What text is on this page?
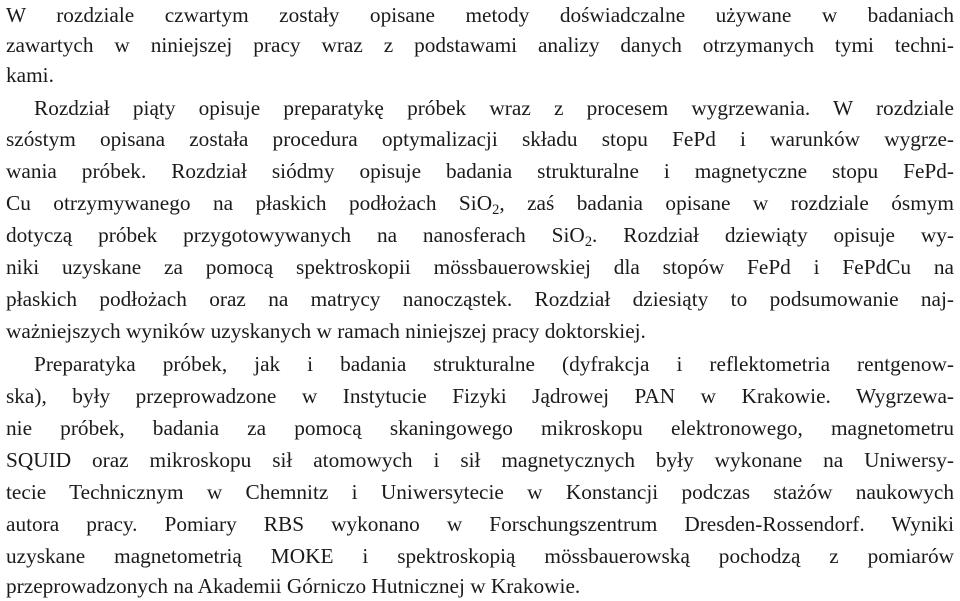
W rozdziale czwartym zostały opisane metody doświadczalne używane w badaniach
zawartych w niniejszej pracy wraz z podstawami analizy danych otrzymanych tymi techni-
kami.
Rozdział piąty opisuje preparatykę próbek wraz z procesem wygrzewania. W rozdziale
szóstym opisana została procedura optymalizacji składu stopu FePd i warunków wygrze-
wania próbek. Rozdział siódmy opisuje badania strukturalne i magnetyczne stopu FePd-
Cu otrzymywanego na płaskich podłożach SiO$_2$, zaś badania opisane w rozdziale ósmym
dotyczą próbek przygotowywanych na nanosferach SiO$_2$. Rozdział dziewiąty opisuje wy-
niki uzyskane za pomocą spektroskopii mössbauerowskiej dla stopów FePd i FePdCu na
płaskich podłożach oraz na matrycy nanocząstek. Rozdział dziesiąty to podsumowanie naj-
ważniejszych wyników uzyskanych w ramach niniejszej pracy doktorskiej.
Preparatyka próbek, jak i badania strukturalne (dyfrakcja i reflektometria rentgenow-
ska), były przeprowadzone w Instytucie Fizyki Jądrowej PAN w Krakowie. Wygrzewa-
nie próbek, badania za pomocą skaningowego mikroskopu elektronowego, magnetometru
SQUID oraz mikroskopu sił atomowych i sił magnetycznych były wykonane na Uniwersy-
tecie Technicznym w Chemnitz i Uniwersytecie w Konstancji podczas stażów naukowych
autora pracy. Pomiary RBS wykonano w Forschungszentrum Dresden-Rossendorf. Wyniki
uzyskane magnetometrią MOKE i spektroskopią mössbauerowską pochodzą z pomiarów
przeprowadzonych na Akademii Górniczo Hutnicznej w Krakowie.
